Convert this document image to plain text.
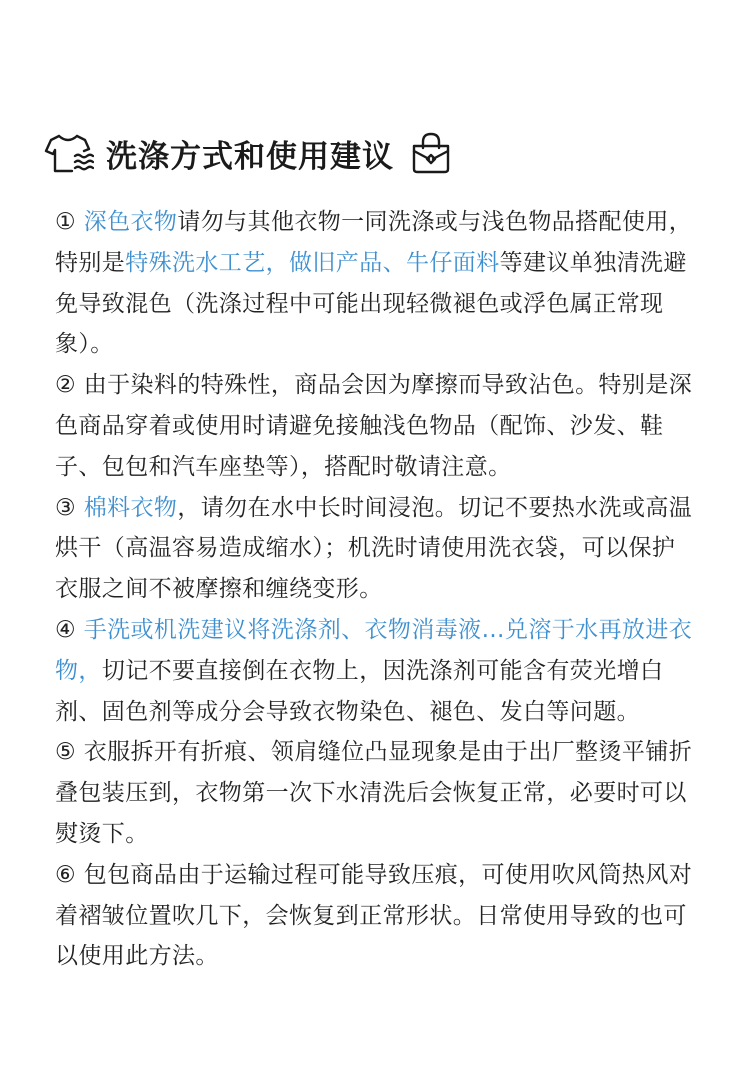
洗涤方式和使用建议

① 深色衣物请勿与其他衣物一同洗涤或与浅色物品搭配使用，特别是特殊洗水工艺，做旧产品、牛仔面料等建议单独清洗避免导致混色（洗涤过程中可能出现轻微褪色或浮色属正常现象）。

② 由于染料的特殊性，商品会因为摩擦而导致沾色。特别是深色商品穿着或使用时请避免接触浅色物品（配饰、沙发、鞋子、包包和汽车座垫等），搭配时敬请注意。

③ 棉料衣物，请勿在水中长时间浸泡。切记不要热水洗或高温烘干（高温容易造成缩水）；机洗时请使用洗衣袋，可以保护衣服之间不被摩擦和缠绕变形。

④ 手洗或机洗建议将洗涤剂、衣物消毒液…兑溶于水再放进衣物，切记不要直接倒在衣物上，因洗涤剂可能含有荧光增白剂、固色剂等成分会导致衣物染色、褪色、发白等问题。

⑤ 衣服拆开有折痕、领肩缝位凸显现象是由于出厂整烫平铺折叠包装压到，衣物第一次下水清洗后会恢复正常，必要时可以熨烫下。

⑥ 包包商品由于运输过程可能导致压痕，可使用吹风筒热风对着褶皱位置吹几下，会恢复到正常形状。日常使用导致的也可以使用此方法。
